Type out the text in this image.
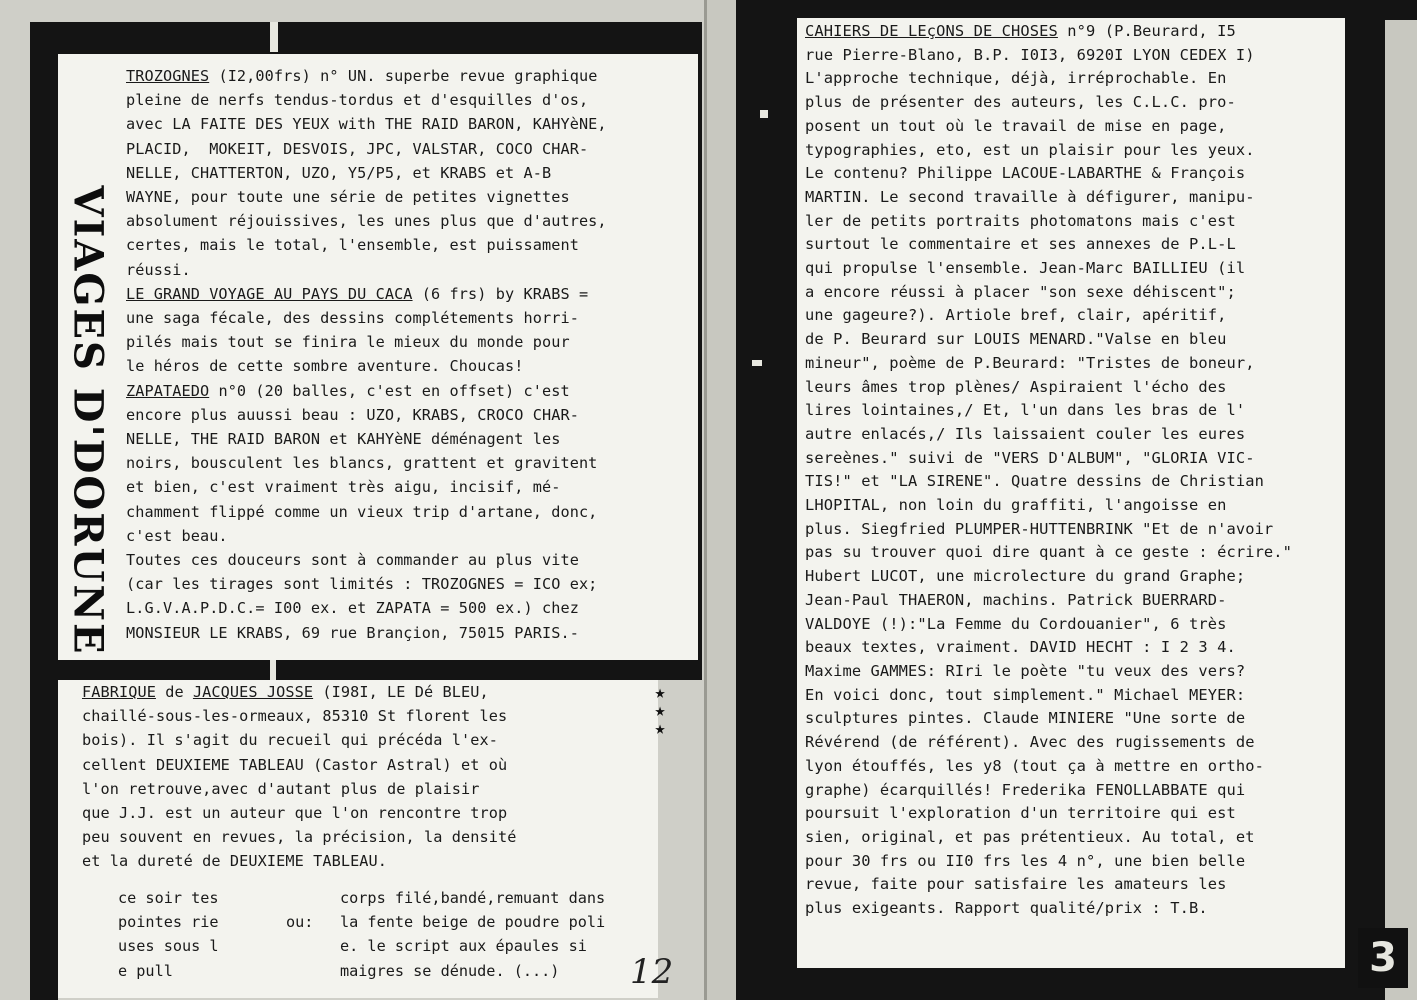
TROZOGNES (I2,00frs) n° UN. superbe revue graphique

pleine de nerfs tendus-tordus et d'esquilles d'os,

avec LA FAITE DES YEUX with THE RAID BARON, KAHYèNE,

PLACID,  MOKEIT, DESVOIS, JPC, VALSTAR, COCO CHAR-

NELLE, CHATTERTON, UZO, Y5/P5, et KRABS et A-B

WAYNE, pour toute une série de petites vignettes

absolument réjouissives, les unes plus que d'autres,

certes, mais le total, l'ensemble, est puissament

réussi.

LE GRAND VOYAGE AU PAYS DU CACA (6 frs) by KRABS =

une saga fécale, des dessins complétements horri-

pilés mais tout se finira le mieux du monde pour

le héros de cette sombre aventure. Choucas!

ZAPATAEDO n°0 (20 balles, c'est en offset) c'est

encore plus auussi beau : UZO, KRABS, CROCO CHAR-

NELLE, THE RAID BARON et KAHYèNE déménagent les

noirs, bousculent les blancs, grattent et gravitent

et bien, c'est vraiment très aigu, incisif, mé-

chamment flippé comme un vieux trip d'artane, donc,

c'est beau.

Toutes ces douceurs sont à commander au plus vite

(car les tirages sont limités : TROZOGNES = ICO ex;

L.G.V.A.P.D.C.= I00 ex. et ZAPATA = 500 ex.) chez

MONSIEUR LE KRABS, 69 rue Brançion, 75015 PARIS.-

VIAGES D'DORUNE

FABRIQUE de JACQUES JOSSE (I98I, LE Dé BLEU,

chaillé-sous-les-ormeaux, 85310 St florent les

bois). Il s'agit du recueil qui précéda l'ex-

cellent DEUXIEME TABLEAU (Castor Astral) et où

l'on retrouve,avec d'autant plus de plaisir

que J.J. est un auteur que l'on rencontre trop

peu souvent en revues, la précision, la densité

et la dureté de DEUXIEME TABLEAU.

★ ★ ★

ce soir tes

pointes rie

uses sous l

e pull

ou:

corps filé,bandé,remuant dans

la fente beige de poudre poli

e. le script aux épaules si

maigres se dénude. (...)	12

CAHIERS DE LEçONS DE CHOSES n°9 (P.Beurard, I5

rue Pierre-Blano, B.P. I0I3, 6920I LYON CEDEX I)

L'approche technique, déjà, irréprochable. En

plus de présenter des auteurs, les C.L.C. pro-

posent un tout où le travail de mise en page,

typographies, eto, est un plaisir pour les yeux.

Le contenu? Philippe LACOUE-LABARTHE & François

MARTIN. Le second travaille à défigurer, manipu-

ler de petits portraits photomatons mais c'est

surtout le commentaire et ses annexes de P.L-L

qui propulse l'ensemble. Jean-Marc BAILLIEU (il

a encore réussi à placer "son sexe déhiscent";

une gageure?). Artiole bref, clair, apéritif,

de P. Beurard sur LOUIS MENARD."Valse en bleu

mineur", poème de P.Beurard: "Tristes de boneur,

leurs âmes trop plènes/ Aspiraient l'écho des

lires lointaines,/ Et, l'un dans les bras de l'

autre enlacés,/ Ils laissaient couler les eures

sereènes." suivi de "VERS D'ALBUM", "GLORIA VIC-

TIS!" et "LA SIRENE". Quatre dessins de Christian

LHOPITAL, non loin du graffiti, l'angoisse en

plus. Siegfried PLUMPER-HUTTENBRINK "Et de n'avoir

pas su trouver quoi dire quant à ce geste : écrire."

Hubert LUCOT, une microlecture du grand Graphe;

Jean-Paul THAERON, machins. Patrick BUERRARD-

VALDOYE (!):"La Femme du Cordouanier", 6 très

beaux textes, vraiment. DAVID HECHT : I 2 3 4.

Maxime GAMMES: RIri le poète "tu veux des vers?

En voici donc, tout simplement." Michael MEYER:

sculptures pintes. Claude MINIERE "Une sorte de

Révérend (de référent). Avec des rugissements de

lyon étouffés, les y8 (tout ça à mettre en ortho-

graphe) écarquillés! Frederika FENOLLABBATE qui

poursuit l'exploration d'un territoire qui est

sien, original, et pas prétentieux. Au total, et

pour 30 frs ou II0 frs les 4 n°, une bien belle

revue, faite pour satisfaire les amateurs les

plus exigeants. Rapport qualité/prix : T.B.

3
